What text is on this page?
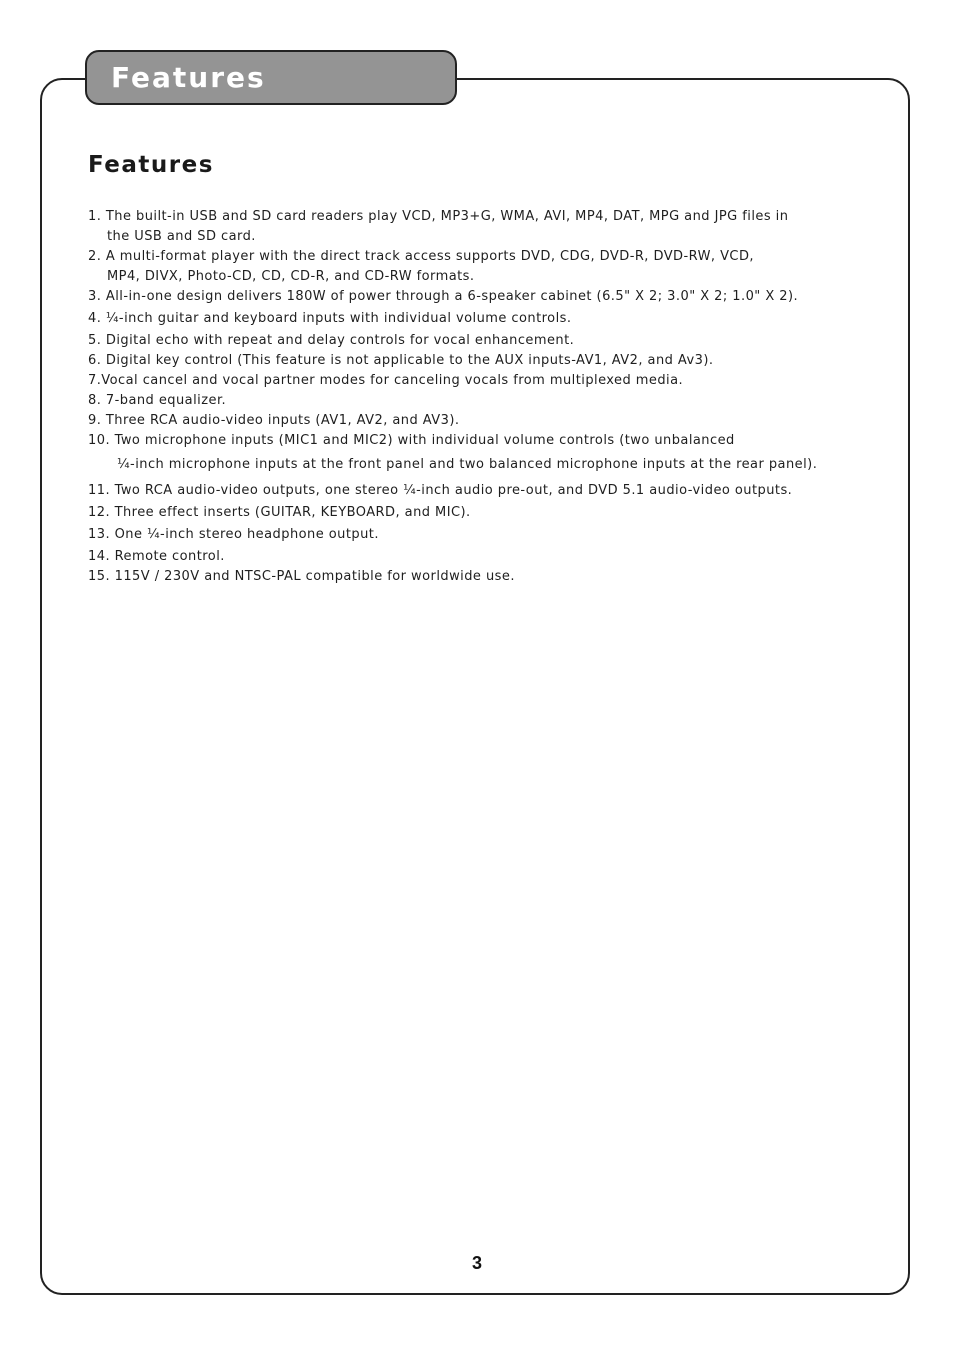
Features
Features
1. The built-in USB and SD card readers play VCD, MP3+G, WMA, AVI, MP4, DAT, MPG and JPG files in
the USB and SD card.
2. A multi-format player with the direct track access supports DVD, CDG, DVD-R, DVD-RW, VCD,
MP4, DIVX, Photo-CD, CD, CD-R, and CD-RW formats.
3. All-in-one design delivers 180W of power through a 6-speaker cabinet (6.5" X 2; 3.0" X 2; 1.0" X 2).
4. ¼-inch guitar and keyboard inputs with individual volume controls.
5. Digital echo with repeat and delay controls for vocal enhancement.
6. Digital key control (This feature is not applicable to the AUX inputs-AV1, AV2, and Av3).
7.Vocal cancel and vocal partner modes for canceling vocals from multiplexed media.
8. 7-band equalizer.
9. Three RCA audio-video inputs (AV1, AV2, and AV3).
10. Two microphone inputs (MIC1 and MIC2) with individual volume controls (two unbalanced
¼-inch microphone inputs at the front panel and two balanced microphone inputs at the rear panel).
11. Two RCA audio-video outputs, one stereo ¼-inch audio pre-out, and DVD 5.1 audio-video outputs.
12. Three effect inserts (GUITAR, KEYBOARD, and MIC).
13. One ¼-inch stereo headphone output.
14. Remote control.
15. 115V / 230V and NTSC-PAL compatible for worldwide use.
3
